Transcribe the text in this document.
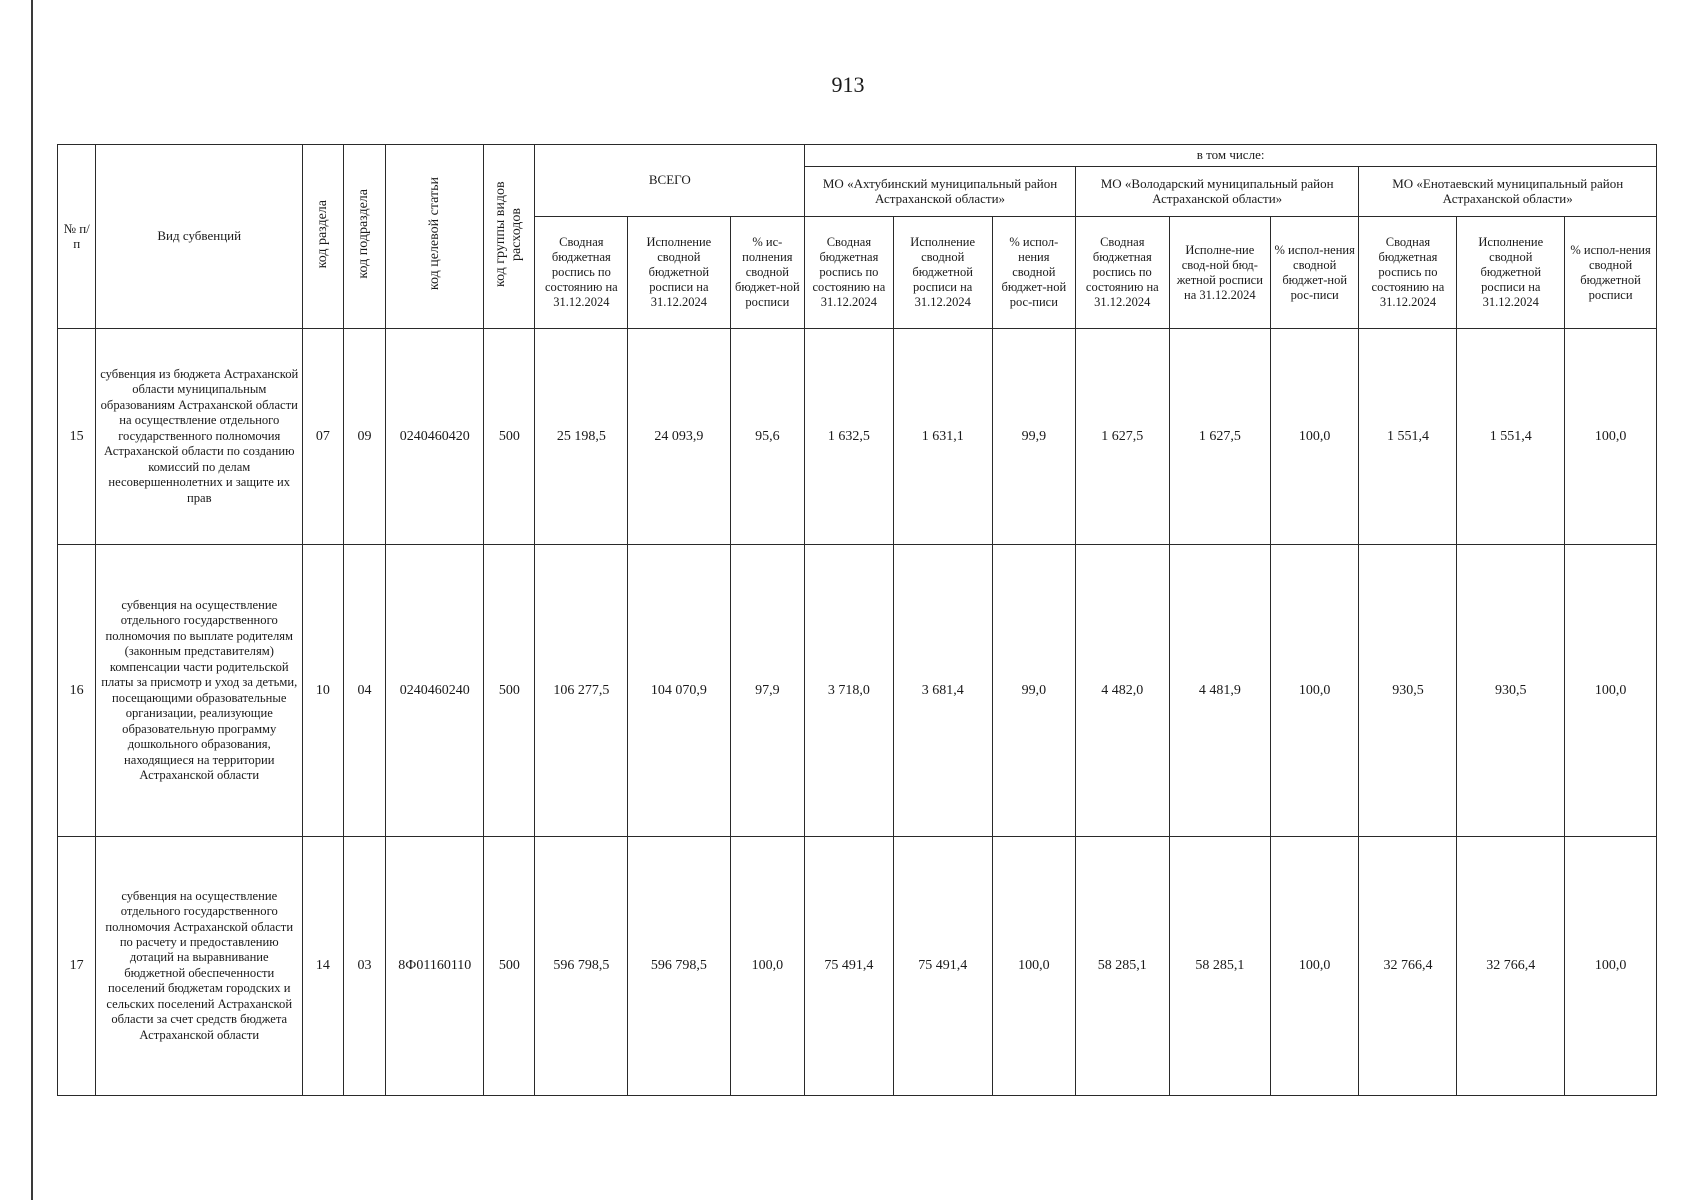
913
№ п/п	Вид субвенций	код раздела	код подраздела	код целевой статьи	код группы видов расходов	ВСЕГО			в том числе:								
									МО «Ахтубинский муниципальный район Астраханской области»			МО «Володарский муниципальный район Астраханской области»			МО «Енотаевский муниципальный район Астраханской области»		
						Сводная бюджетная роспись по состоянию на 31.12.2024	Исполнение сводной бюджетной росписи на 31.12.2024	% ис-полнения сводной бюджет-ной росписи	Сводная бюджетная роспись по состоянию на 31.12.2024	Исполнение сводной бюджетной росписи на 31.12.2024	% испол-нения сводной бюджет-ной рос-писи	Сводная бюджетная роспись по состоянию на 31.12.2024	Исполне-ние свод-ной бюд-жетной росписи на 31.12.2024	% испол-нения сводной бюджет-ной рос-писи	Сводная бюджетная роспись по состоянию на 31.12.2024	Исполнение сводной бюджетной росписи на 31.12.2024	% испол-нения сводной бюджетной росписи
15	субвенция из бюджета Астраханской области муниципальным образованиям Астраханской области на осуществление отдельного государственного полномочия Астраханской области по созданию комиссий по делам несовершеннолетних и защите их прав	07	09	0240460420	500	25 198,5	24 093,9	95,6	1 632,5	1 631,1	99,9	1 627,5	1 627,5	100,0	1 551,4	1 551,4	100,0
16	субвенция на осуществление отдельного государственного полномочия по выплате родителям (законным представителям) компенсации части родительской платы за присмотр и уход за детьми, посещающими образовательные организации, реализующие образовательную программу дошкольного образования, находящиеся на территории Астраханской области	10	04	0240460240	500	106 277,5	104 070,9	97,9	3 718,0	3 681,4	99,0	4 482,0	4 481,9	100,0	930,5	930,5	100,0
17	субвенция на осуществление отдельного государственного полномочия Астраханской области по расчету и предоставлению дотаций на выравнивание бюджетной обеспеченности поселений бюджетам городских и сельских поселений Астраханской области за счет средств бюджета Астраханской области	14	03	8Ф01160110	500	596 798,5	596 798,5	100,0	75 491,4	75 491,4	100,0	58 285,1	58 285,1	100,0	32 766,4	32 766,4	100,0
